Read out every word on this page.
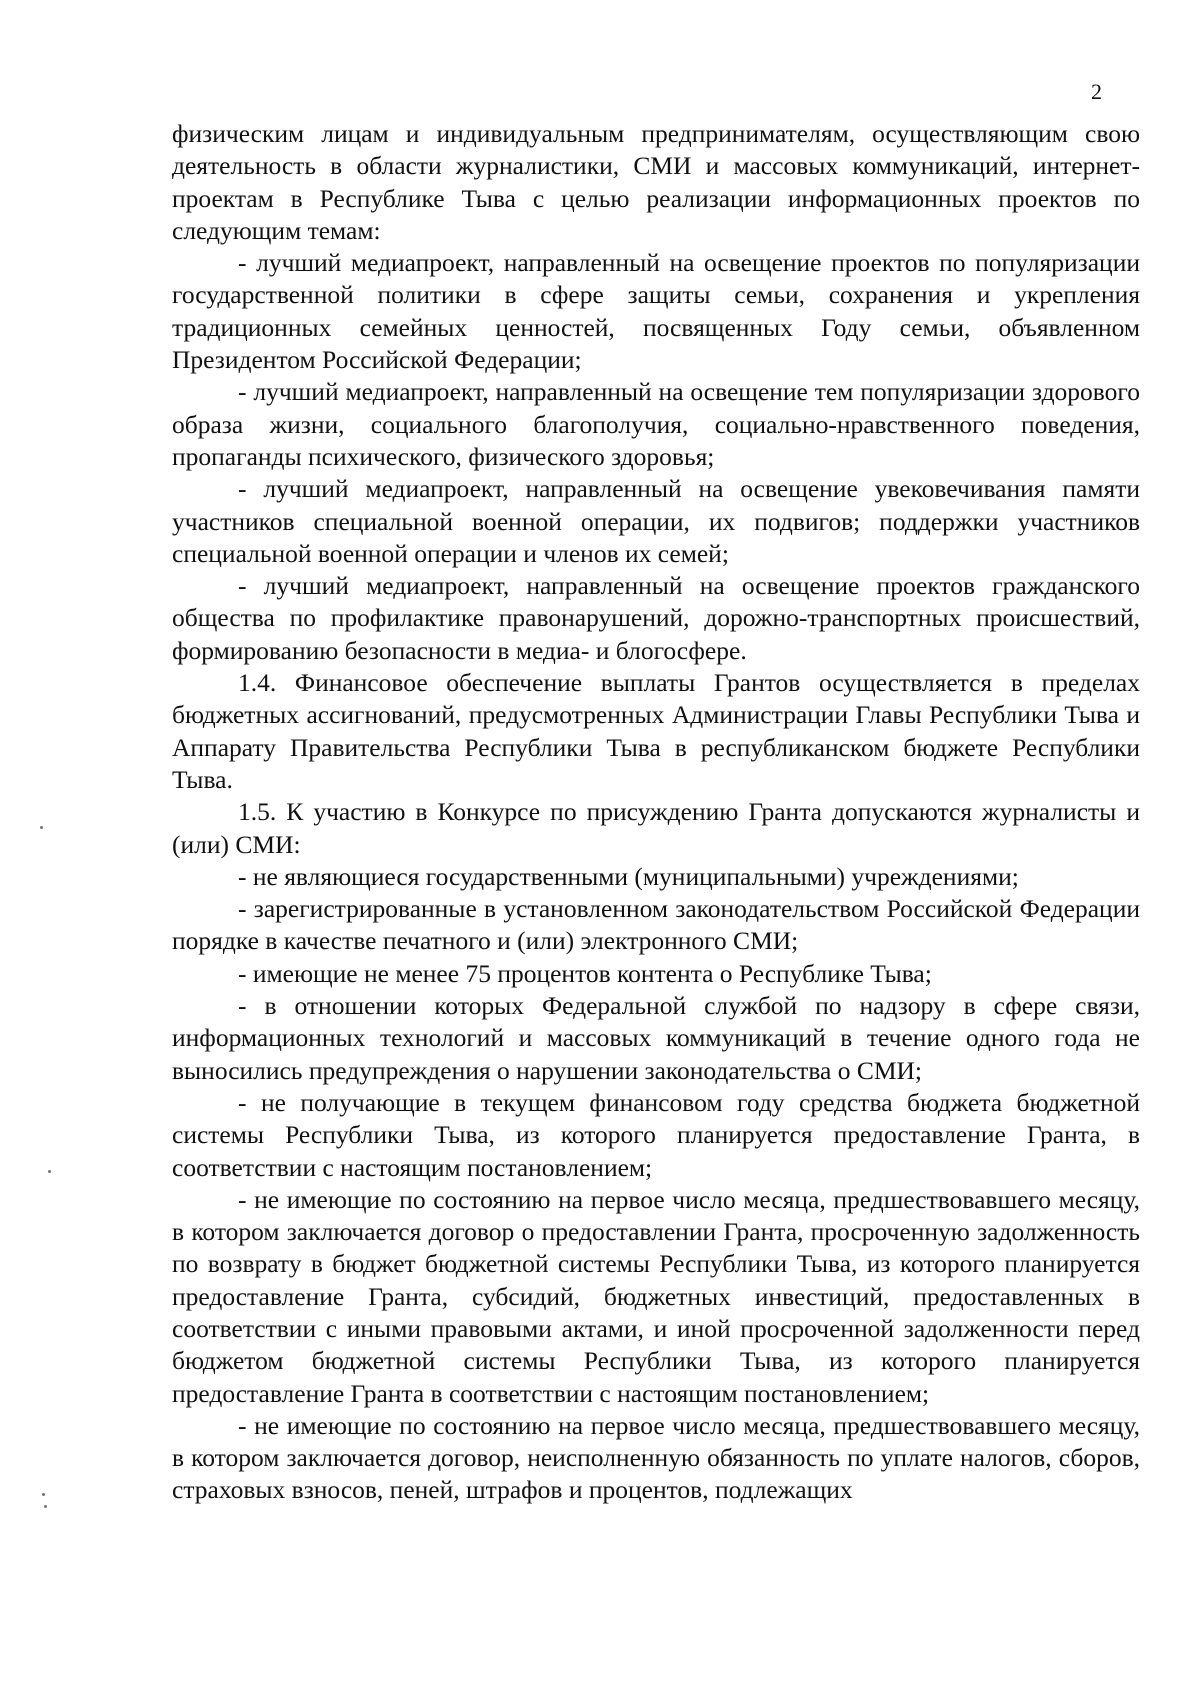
2

физическим лицам и индивидуальным предпринимателям, осуществляющим свою деятельность в области журналистики, СМИ и массовых коммуникаций, интернет-проектам в Республике Тыва с целью реализации информационных проектов по следующим темам:

- лучший медиапроект, направленный на освещение проектов по популяризации государственной политики в сфере защиты семьи, сохранения и укрепления традиционных семейных ценностей, посвященных Году семьи, объявленном Президентом Российской Федерации;

- лучший медиапроект, направленный на освещение тем популяризации здорового образа жизни, социального благополучия, социально-нравственного поведения, пропаганды психического, физического здоровья;

- лучший медиапроект, направленный на освещение увековечивания памяти участников специальной военной операции, их подвигов; поддержки участников специальной военной операции и членов их семей;

- лучший медиапроект, направленный на освещение проектов гражданского общества по профилактике правонарушений, дорожно-транспортных происшествий, формированию безопасности в медиа- и блогосфере.

1.4. Финансовое обеспечение выплаты Грантов осуществляется в пределах бюджетных ассигнований, предусмотренных Администрации Главы Республики Тыва и Аппарату Правительства Республики Тыва в республиканском бюджете Республики Тыва.

1.5. К участию в Конкурсе по присуждению Гранта допускаются журналисты и (или) СМИ:

- не являющиеся государственными (муниципальными) учреждениями;

- зарегистрированные в установленном законодательством Российской Федерации порядке в качестве печатного и (или) электронного СМИ;

- имеющие не менее 75 процентов контента о Республике Тыва;

- в отношении которых Федеральной службой по надзору в сфере связи, информационных технологий и массовых коммуникаций в течение одного года не выносились предупреждения о нарушении законодательства о СМИ;

- не получающие в текущем финансовом году средства бюджета бюджетной системы Республики Тыва, из которого планируется предоставление Гранта, в соответствии с настоящим постановлением;

- не имеющие по состоянию на первое число месяца, предшествовавшего месяцу, в котором заключается договор о предоставлении Гранта, просроченную задолженность по возврату в бюджет бюджетной системы Республики Тыва, из которого планируется предоставление Гранта, субсидий, бюджетных инвестиций, предоставленных в соответствии с иными правовыми актами, и иной просроченной задолженности перед бюджетом бюджетной системы Республики Тыва, из которого планируется предоставление Гранта в соответствии с настоящим постановлением;

- не имеющие по состоянию на первое число месяца, предшествовавшего месяцу, в котором заключается договор, неисполненную обязанность по уплате налогов, сборов, страховых взносов, пеней, штрафов и процентов, подлежащих
